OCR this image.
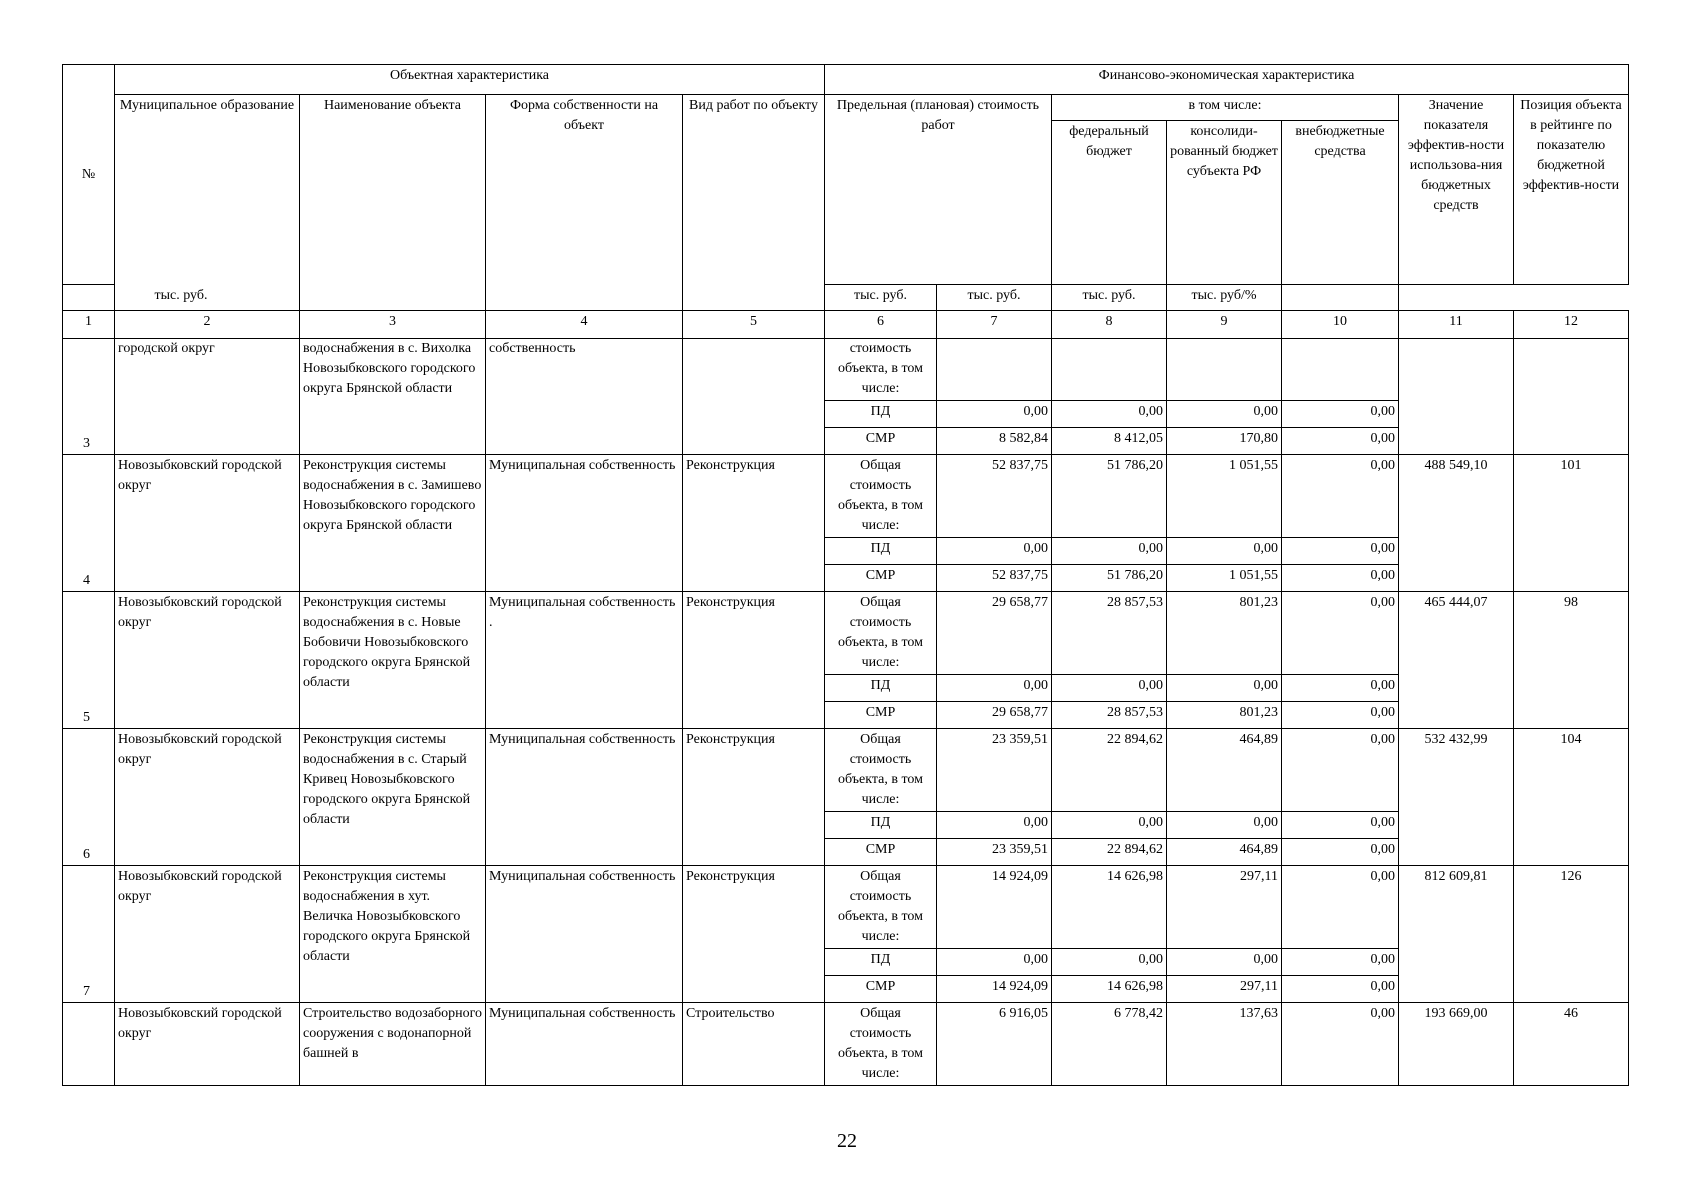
№	Объектная характеристика				Финансово-экономическая характеристика						
	Муниципальное образование	Наименование объекта	Форма собственности на объект	Вид работ по объекту	Предельная (плановая) стоимость работ		в том числе:			Значение показателя эффектив-ности использова-ния бюджетных средств	Позиция объекта в рейтинге по показателю бюджетной эффектив-ности
							федеральный бюджет	консолиди-рованный бюджет субъекта РФ	внебюджетные средства		
тыс. руб.					тыс. руб.	тыс. руб.	тыс. руб.	тыс. руб/%			
1	2	3	4	5	6	7	8	9	10	11	12

3	городской округ	водоснабжения в с. Вихолка Новозыбковского городского округа Брянской области	собственность		стоимость объекта, в том числе:						
					ПД	0,00	0,00	0,00	0,00		
					СМР	8 582,84	8 412,05	170,80	0,00		

4	Новозыбковский городской округ	Реконструкция системы водоснабжения в с. Замишево Новозыбковского городского округа Брянской области	Муниципальная собственность	Реконструкция	Общая стоимость объекта, в том числе:	52 837,75	51 786,20	1 051,55	0,00	488 549,10	101
					ПД	0,00	0,00	0,00	0,00		
					СМР	52 837,75	51 786,20	1 051,55	0,00		

5	Новозыбковский городской округ	Реконструкция системы водоснабжения в с. Новые Бобовичи Новозыбковского городского округа Брянской области	Муниципальная собственность .	Реконструкция	Общая стоимость объекта, в том числе:	29 658,77	28 857,53	801,23	0,00	465 444,07	98
					ПД	0,00	0,00	0,00	0,00		
					СМР	29 658,77	28 857,53	801,23	0,00		

6	Новозыбковский городской округ	Реконструкция системы водоснабжения в с. Старый Кривец Новозыбковского городского округа Брянской области	Муниципальная собственность	Реконструкция	Общая стоимость объекта, в том числе:	23 359,51	22 894,62	464,89	0,00	532 432,99	104
					ПД	0,00	0,00	0,00	0,00		
					СМР	23 359,51	22 894,62	464,89	0,00		

7	Новозыбковский городской округ	Реконструкция системы водоснабжения в хут. Величка Новозыбковского городского округа Брянской области	Муниципальная собственность	Реконструкция	Общая стоимость объекта, в том числе:	14 924,09	14 626,98	297,11	0,00	812 609,81	126
					ПД	0,00	0,00	0,00	0,00		
					СМР	14 924,09	14 626,98	297,11	0,00		
	Новозыбковский городской округ	Строительство водозаборного сооружения с водонапорной башней в	Муниципальная собственность	Строительство	Общая стоимость объекта, в том числе:	6 916,05	6 778,42	137,63	0,00	193 669,00	46
22
